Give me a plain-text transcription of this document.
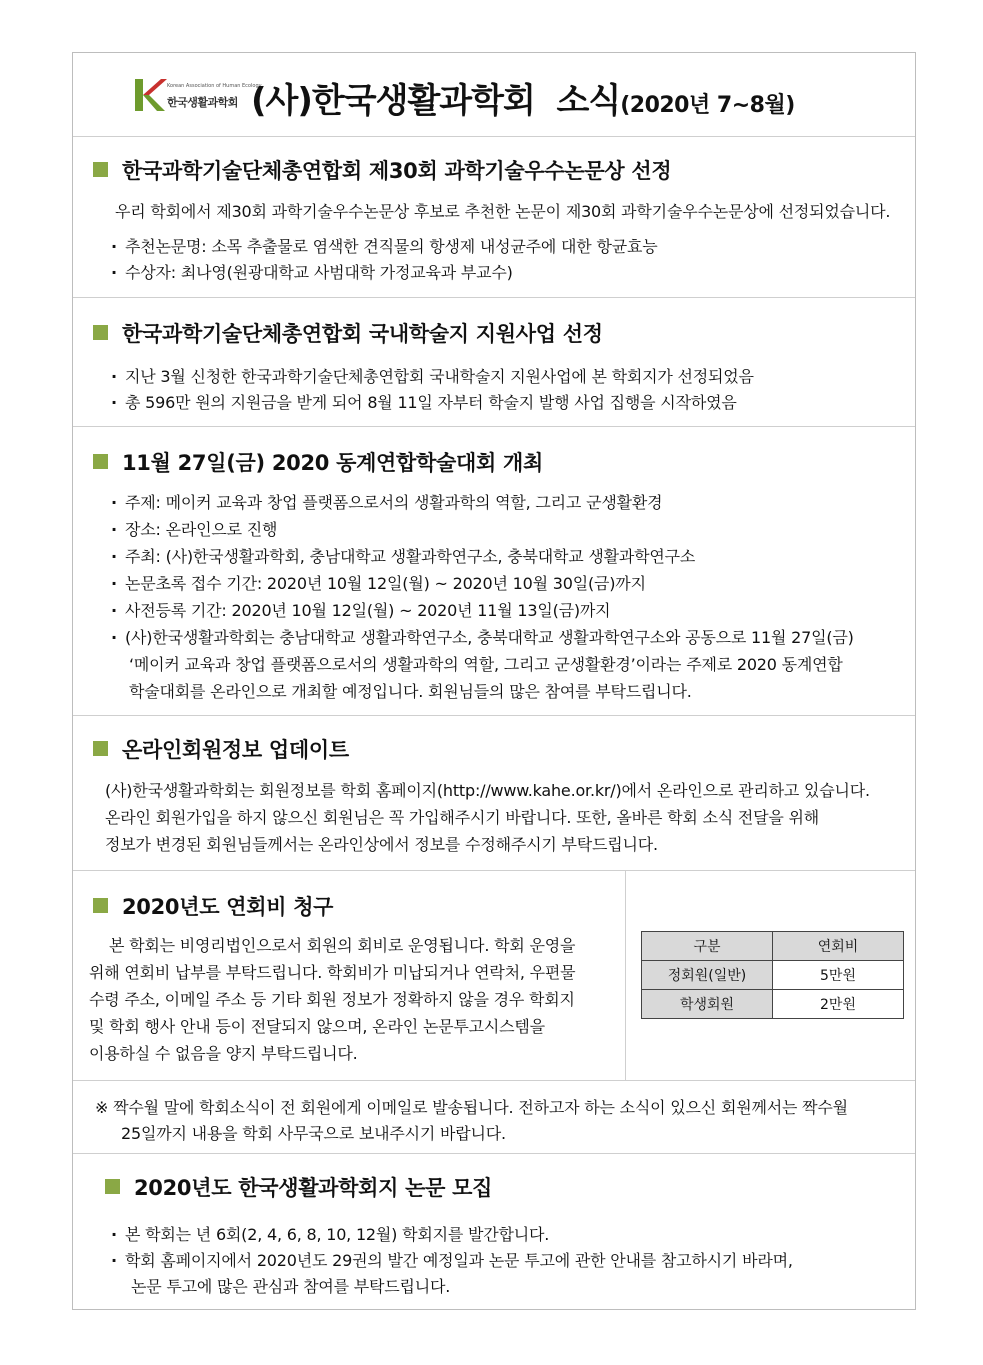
Korean Association of Human Ecology
한국생활과학회 (사)한국생활과학회  소식(2020년 7~8월)
한국과학기술단체총연합회 제30회 과학기술우수논문상 선정
우리 학회에서 제30회 과학기술우수논문상 후보로 추천한 논문이 제30회 과학기술우수논문상에 선정되었습니다.
· 추천논문명: 소목 추출물로 염색한 견직물의 항생제 내성균주에 대한 항균효능
· 수상자: 최나영(원광대학교 사범대학 가정교육과 부교수)
한국과학기술단체총연합회 국내학술지 지원사업 선정
· 지난 3월 신청한 한국과학기술단체총연합회 국내학술지 지원사업에 본 학회지가 선정되었음
· 총 596만 원의 지원금을 받게 되어 8월 11일 자부터 학술지 발행 사업 집행을 시작하였음
11월 27일(금) 2020 동계연합학술대회 개최
· 주제: 메이커 교육과 창업 플랫폼으로서의 생활과학의 역할, 그리고 군생활환경
· 장소: 온라인으로 진행
· 주최: (사)한국생활과학회, 충남대학교 생활과학연구소, 충북대학교 생활과학연구소
· 논문초록 접수 기간: 2020년 10월 12일(월) ~ 2020년 10월 30일(금)까지
· 사전등록 기간: 2020년 10월 12일(월) ~ 2020년 11월 13일(금)까지
· (사)한국생활과학회는 충남대학교 생활과학연구소, 충북대학교 생활과학연구소와 공동으로 11월 27일(금)
‘메이커 교육과 창업 플랫폼으로서의 생활과학의 역할, 그리고 군생활환경’이라는 주제로 2020 동계연합
학술대회를 온라인으로 개최할 예정입니다. 회원님들의 많은 참여를 부탁드립니다.
온라인회원정보 업데이트
(사)한국생활과학회는 회원정보를 학회 홈페이지(http://www.kahe.or.kr/)에서 온라인으로 관리하고 있습니다.
온라인 회원가입을 하지 않으신 회원님은 꼭 가입해주시기 바랍니다. 또한, 올바른 학회 소식 전달을 위해
정보가 변경된 회원님들께서는 온라인상에서 정보를 수정해주시기 부탁드립니다.
2020년도 연회비 청구
본 학회는 비영리법인으로서 회원의 회비로 운영됩니다. 학회 운영을
위해 연회비 납부를 부탁드립니다. 학회비가 미납되거나 연락처, 우편물
수령 주소, 이메일 주소 등 기타 회원 정보가 정확하지 않을 경우 학회지
및 학회 행사 안내 등이 전달되지 않으며, 온라인 논문투고시스템을
이용하실 수 없음을 양지 부탁드립니다.
구분	연회비
정회원(일반)	5만원
학생회원	2만원
※ 짝수월 말에 학회소식이 전 회원에게 이메일로 발송됩니다. 전하고자 하는 소식이 있으신 회원께서는 짝수월
25일까지 내용을 학회 사무국으로 보내주시기 바랍니다.
2020년도 한국생활과학회지 논문 모집
· 본 학회는 년 6회(2, 4, 6, 8, 10, 12월) 학회지를 발간합니다.
· 학회 홈페이지에서 2020년도 29권의 발간 예정일과 논문 투고에 관한 안내를 참고하시기 바라며,
논문 투고에 많은 관심과 참여를 부탁드립니다.
